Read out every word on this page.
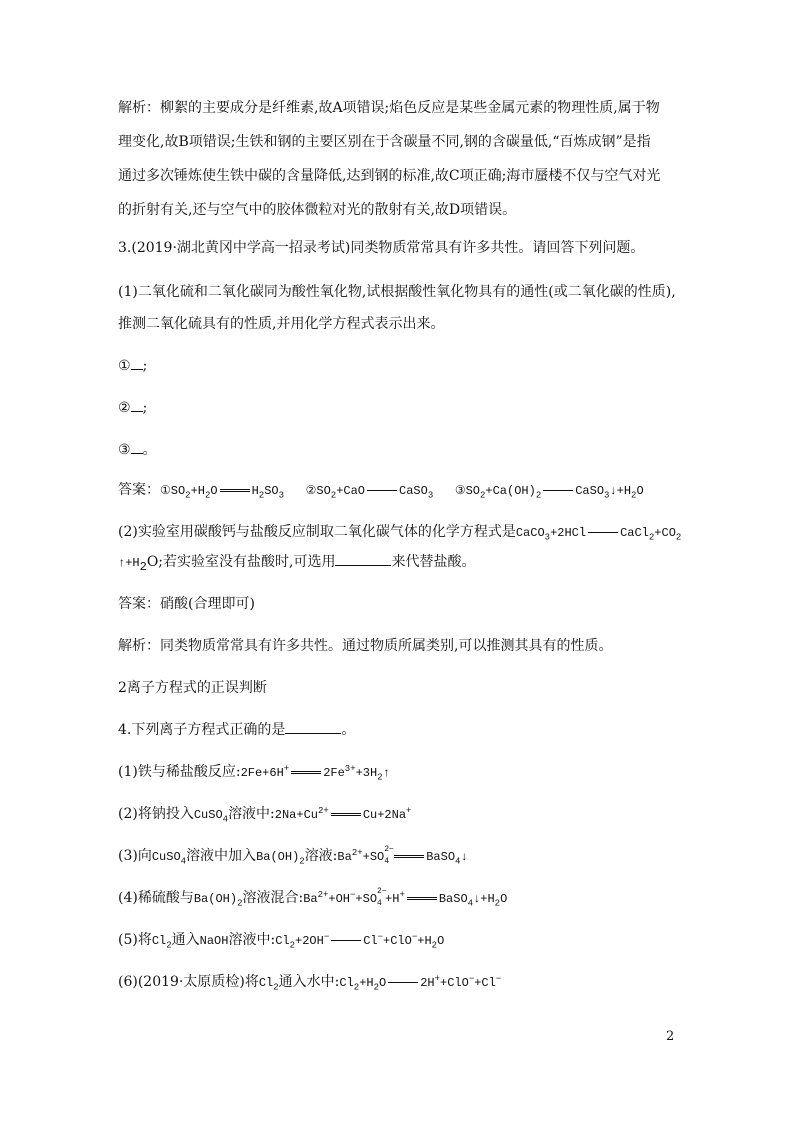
解析：柳絮的主要成分是纤维素,故A项错误;焰色反应是某些金属元素的物理性质,属于物
理变化,故B项错误;生铁和钢的主要区别在于含碳量不同,钢的含碳量低,“百炼成钢”是指
通过多次锤炼使生铁中碳的含量降低,达到钢的标准,故C项正确;海市蜃楼不仅与空气对光
的折射有关,还与空气中的胶体微粒对光的散射有关,故D项错误。
3.(2019·湖北黄冈中学高一招录考试)同类物质常常具有许多共性。请回答下列问题。
(1)二氧化硫和二氧化碳同为酸性氧化物,试根据酸性氧化物具有的通性(或二氧化碳的性质),
推测二氧化硫具有的性质,并用化学方程式表示出来。
① ;
② ;
③ 。
答案：$①SO_2+H_2O$	$H_2SO_3$   $②SO_2+CaO$	CaSO$_3$   $③SO_2+Ca(OH)_2$	$CaSO_3↓+H_2O$
(2)实验室用碳酸钙与盐酸反应制取二氧化碳气体的化学方程式是CaCO$_3$+2HCl	$CaCl_2+CO_2$
$↑+H_2O$;若实验室没有盐酸时,可选用	来代替盐酸。
答案：硝酸(合理即可)
解析：同类物质常常具有许多共性。通过物质所属类别,可以推测其具有的性质。
2离子方程式的正误判断
4.下列离子方程式正确的是	。
(1)铁与稀盐酸反应:2Fe+6H+	$2Fe^{3+}+3H_2↑$
(2)将钠投入CuSO$_4$溶液中$:2Na+Cu^{2+}$	Cu+2Na+
(3)向CuSO$_4$溶液中加入$Ba(OH)_2$溶液$:Ba^{2+}+SO$
2−
4	BaSO$_4$↓
(4)稀硫酸与$Ba(OH)_2$溶液混合$:Ba^{2+}+OH^-+SO$
2−
4 +H+	$BaSO_4↓+H_2O$
(5)将$Cl_2$通入NaOH溶液中$:Cl_2+2OH^-$	$Cl^-+ClO^-+H_2O$
(6)(2019·太原质检)将$Cl_2$通入水中$:Cl_2+H_2O$	2H++ClO−+Cl−
2
